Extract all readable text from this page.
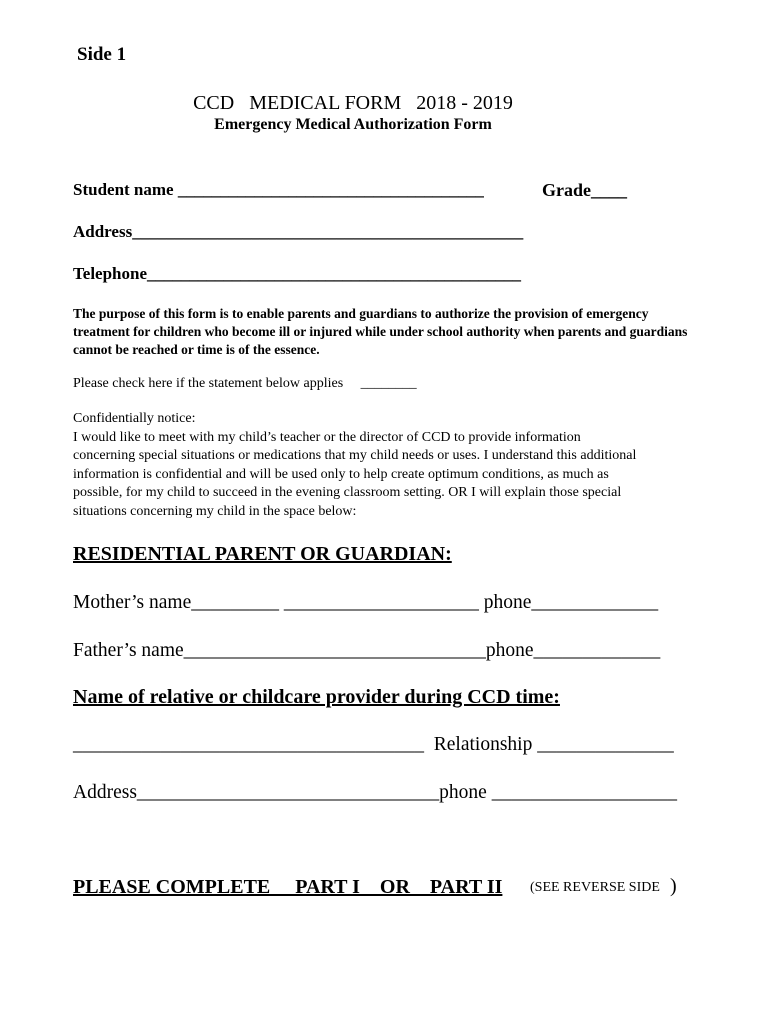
Side 1
CCD   MEDICAL FORM   2018 - 2019
Emergency Medical Authorization Form
Student name ____________________________________	Grade____
Address______________________________________________
Telephone____________________________________________
The purpose of this form is to enable parents and guardians to authorize the provision of emergency treatment for children who become ill or injured while under school authority when parents and guardians cannot be reached or time is of the essence.
Please check here if the statement below applies     ________
Confidentially notice:
I would like to meet with my child’s teacher or the director of CCD to provide information
concerning special situations or medications that my child needs or uses. I understand this additional
information is confidential and will be used only to help create optimum conditions, as much as
possible, for my child to succeed in the evening classroom setting. OR I will explain those special
situations concerning my child in the space below:
RESIDENTIAL PARENT OR GUARDIAN:
Mother’s name_________ ____________________ phone_____________
Father’s name_______________________________phone_____________
Name of relative or childcare provider during CCD time:
____________________________________  Relationship ______________
Address_______________________________phone ___________________
PLEASE COMPLETE     PART I    OR    PART II (SEE REVERSE SIDE )
